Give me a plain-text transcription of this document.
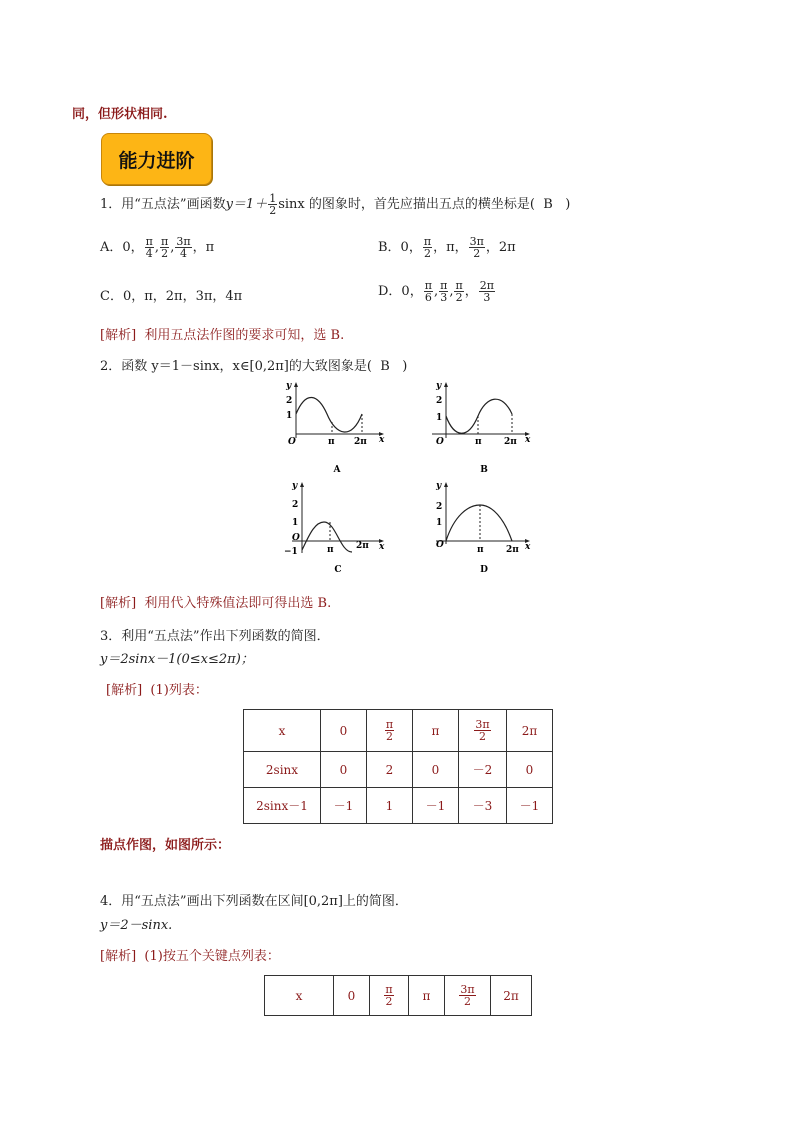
同，但形状相同.
能力进阶
1．用“五点法”画函数$y=1+ \frac{1}{2}$ sinx 的图象时，首先应描出五点的横坐标是( B )
A．0， $\frac{\pi}{4}$ , $\frac{\pi}{2}$ , $\frac{3\pi}{4}$ ，π	B．0， $\frac{\pi}{2}$ ，π， $\frac{3\pi}{2}$ ，2π
C．0，π，2π，3π，4π	D．0， $\frac{\pi}{6}$ , $\frac{\pi}{3}$ , $\frac{\pi}{2}$ ， $\frac{2\pi}{3}$
[解析] 利用五点法作图的要求可知，选 B.
2．函数 y＝1－sinx，x∈[0,2π]的大致图象是( B )
y
2
1
O	π 2π x
A
y
2
1
O	π 2π x
B
y
2
1
O
−1	π 2π x
C
y
2
1
O	π 2π x
D
[解析] 利用代入特殊值法即可得出选 B.
3．利用“五点法”作出下列函数的简图．
y＝2sinx－1(0≤x≤2π)；
[解析] (1)列表：
x	0	$\frac{\pi}{2}$	π	$\frac{3\pi}{2}$	2π
2sinx	0	2	0	－2	0
2sinx－1	－1	1	－1	－3	－1
描点作图，如图所示：
4．用“五点法”画出下列函数在区间[0,2π]上的简图．
y＝2－sinx.
[解析] (1)按五个关键点列表：
x	0	$\frac{\pi}{2}$	π	$\frac{3\pi}{2}$	2π
